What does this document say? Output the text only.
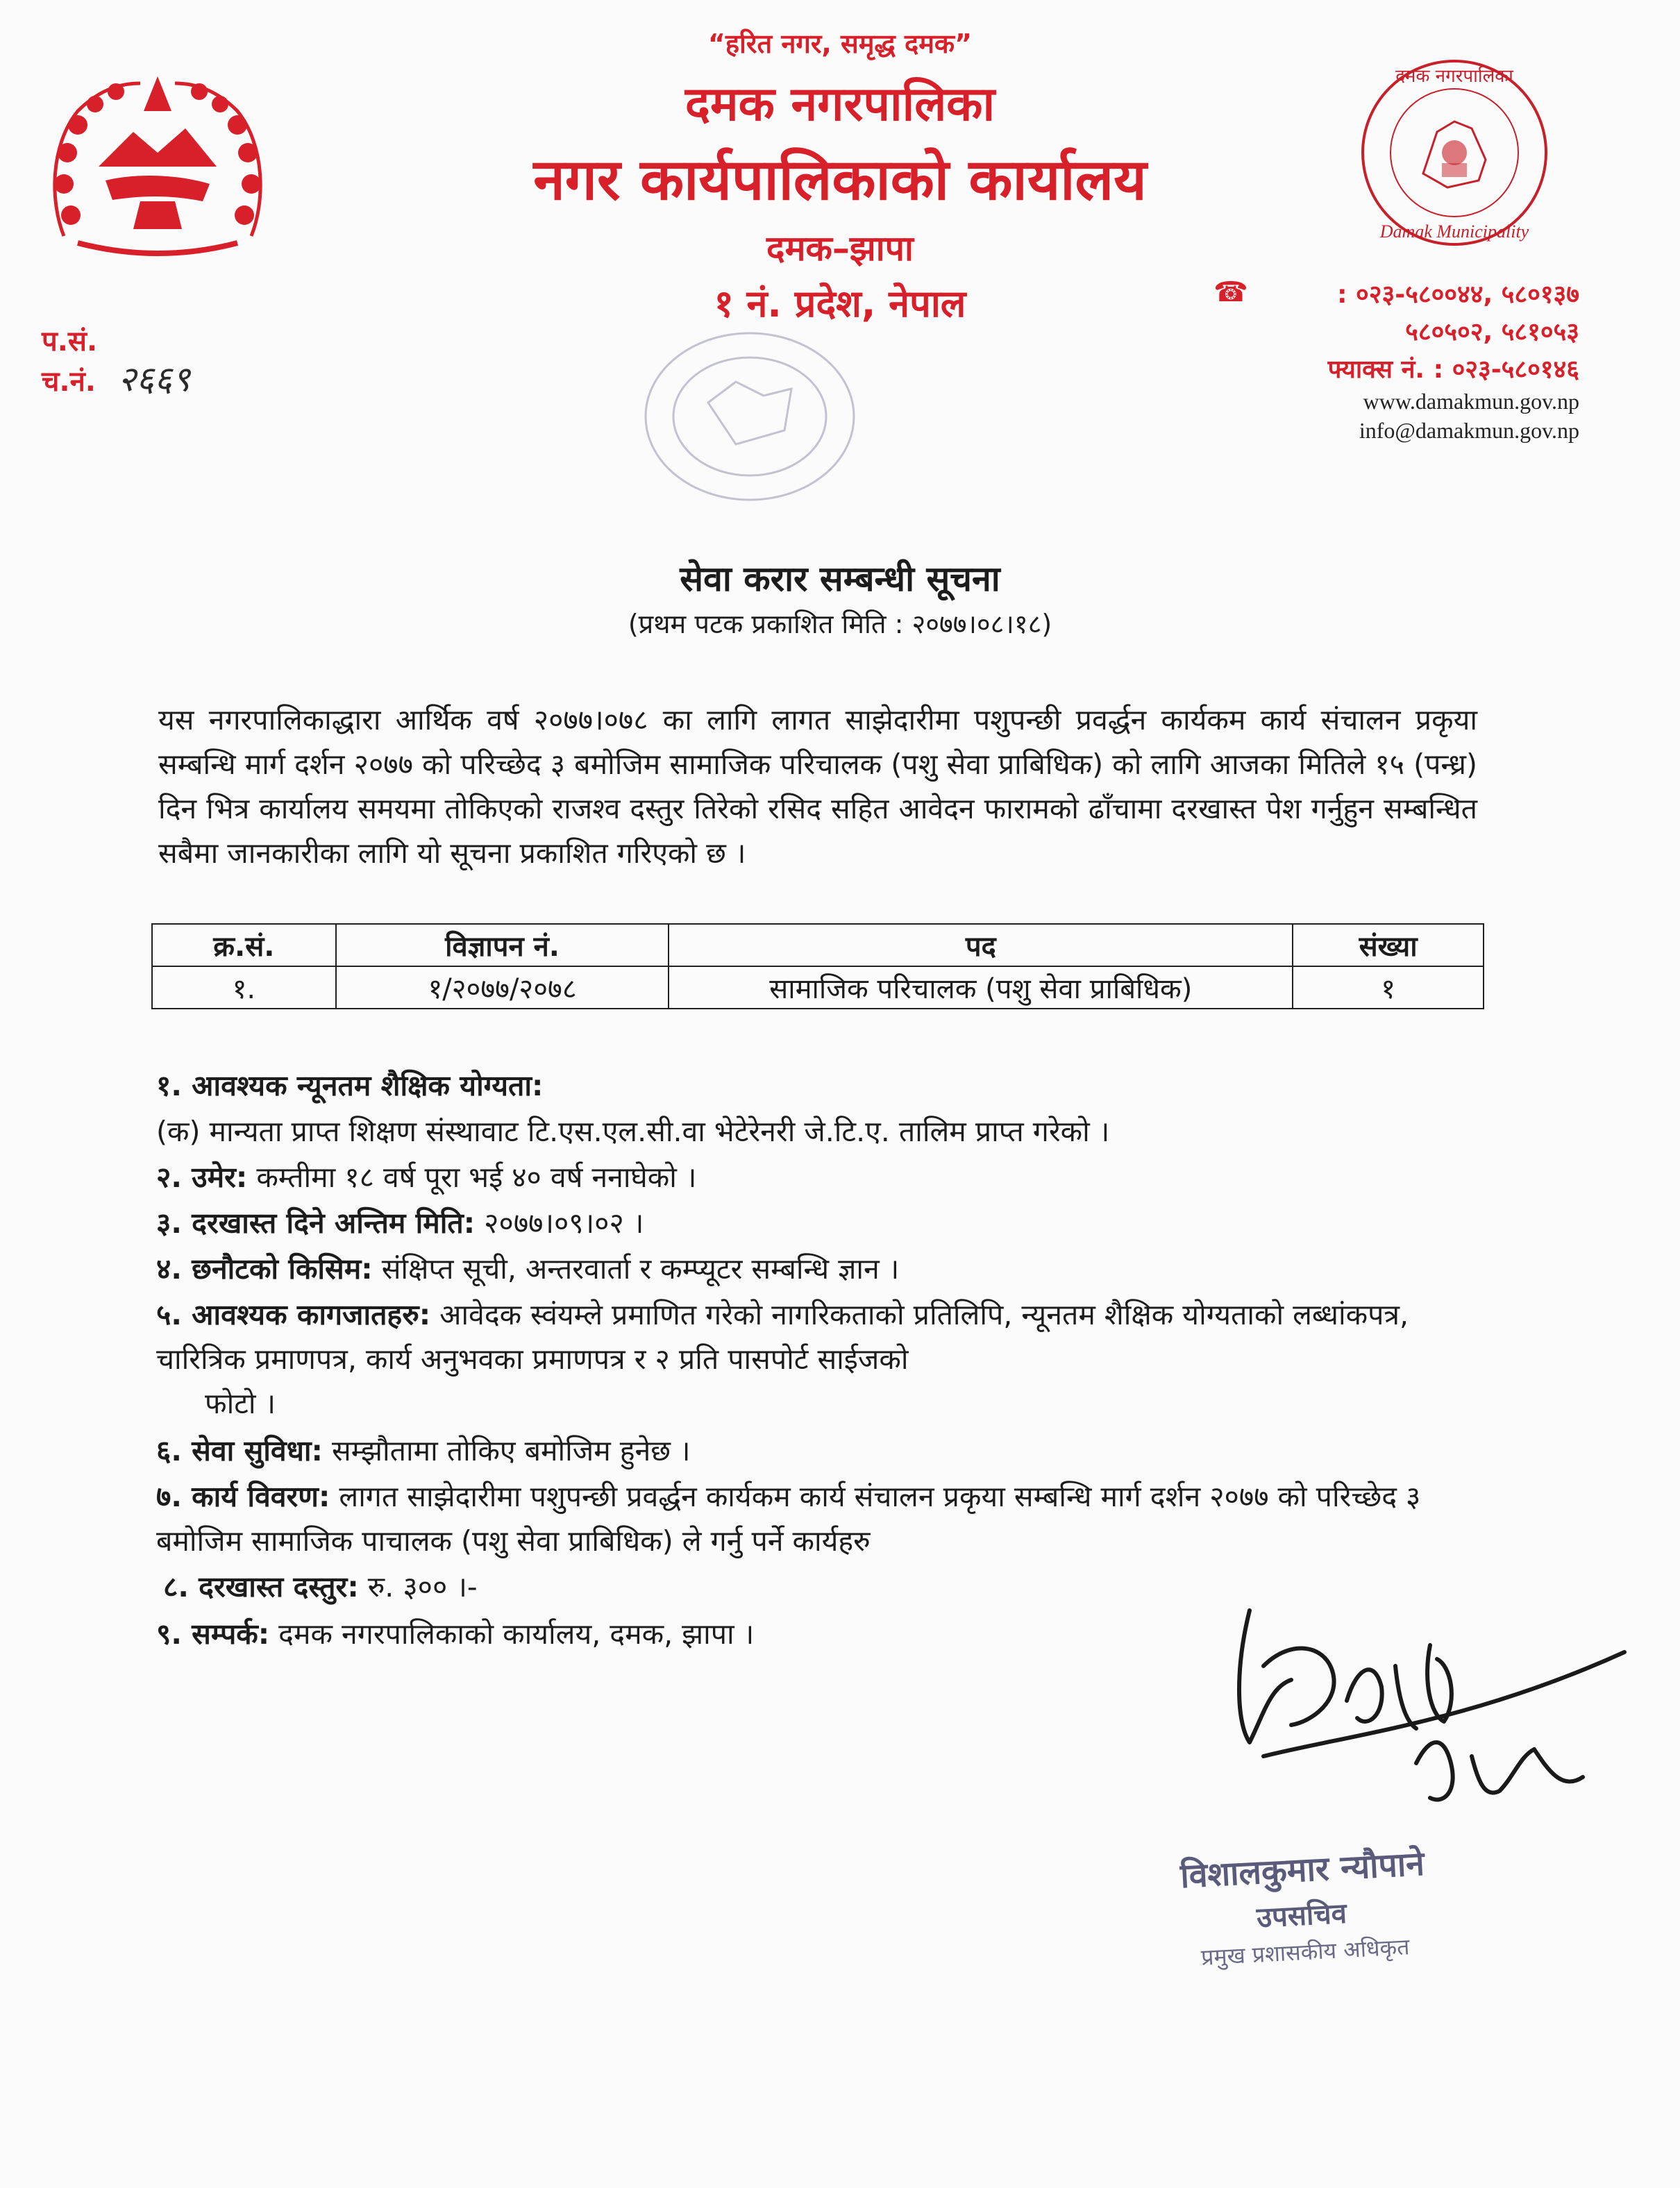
“हरित नगर, समृद्ध दमक”
दमक नगरपालिका
नगर कार्यपालिकाको कार्यालय
दमक–झापा
१ नं. प्रदेश, नेपाल
दमक नगरपालिका
Damak Municipality
प.सं.
च.नं. २६६९
☎	: ०२३-५८००४४, ५८०१३७
५८०५०२, ५८१०५३
फ्याक्स नं. : ०२३-५८०१४६
www.damakmun.gov.np
info@damakmun.gov.np
सेवा करार सम्बन्धी सूचना
(प्रथम पटक प्रकाशित मिति : २०७७।०८।१८)
यस नगरपालिकाद्धारा आर्थिक वर्ष २०७७।०७८ का लागि लागत साझेदारीमा पशुपन्छी प्रवर्द्धन कार्यकम कार्य संचालन प्रकृया सम्बन्धि मार्ग दर्शन २०७७ को परिच्छेद ३ बमोजिम सामाजिक परिचालक (पशु सेवा प्राबिधिक) को लागि आजका मितिले १५ (पन्ध्र) दिन भित्र कार्यालय समयमा तोकिएको राजश्व दस्तुर तिरेको रसिद सहित आवेदन फारामको ढाँचामा दरखास्त पेश गर्नुहुन सम्बन्धित सबैमा जानकारीका लागि यो सूचना प्रकाशित गरिएको छ ।
क्र.सं.	विज्ञापन नं.	पद	संख्या
१.	१/२०७७/२०७८	सामाजिक परिचालक (पशु सेवा प्राबिधिक)	१
१. आवश्यक न्यूनतम शैक्षिक योग्यता:
(क) मान्यता प्राप्त शिक्षण संस्थावाट टि.एस.एल.सी.वा भेटेरेनरी जे.टि.ए. तालिम प्राप्त गरेको ।
२. उमेर: कम्तीमा १८ वर्ष पूरा भई ४० वर्ष ननाघेको ।
३. दरखास्त दिने अन्तिम मिति: २०७७।०९।०२ ।
४. छनौटको किसिम: संक्षिप्त सूची, अन्तरवार्ता र कम्प्यूटर सम्बन्धि ज्ञान ।
५. आवश्यक कागजातहरु: आवेदक स्वंयम्ले प्रमाणित गरेको नागरिकताको प्रतिलिपि, न्यूनतम शैक्षिक योग्यताको लब्धांकपत्र, चारित्रिक प्रमाणपत्र, कार्य अनुभवका प्रमाणपत्र र २ प्रति पासपोर्ट साईजको
फोटो ।
६. सेवा सुविधा: सम्झौतामा तोकिए बमोजिम हुनेछ ।
७. कार्य विवरण: लागत साझेदारीमा पशुपन्छी प्रवर्द्धन कार्यकम कार्य संचालन प्रकृया सम्बन्धि मार्ग दर्शन २०७७ को परिच्छेद ३ बमोजिम सामाजिक पाचालक (पशु सेवा प्राबिधिक) ले गर्नु पर्ने कार्यहरु
८. दरखास्त दस्तुर: रु. ३०० ।-
९. सम्पर्क: दमक नगरपालिकाको कार्यालय, दमक, झापा ।
विशालकुमार न्यौपाने
उपसचिव
प्रमुख प्रशासकीय अधिकृत
